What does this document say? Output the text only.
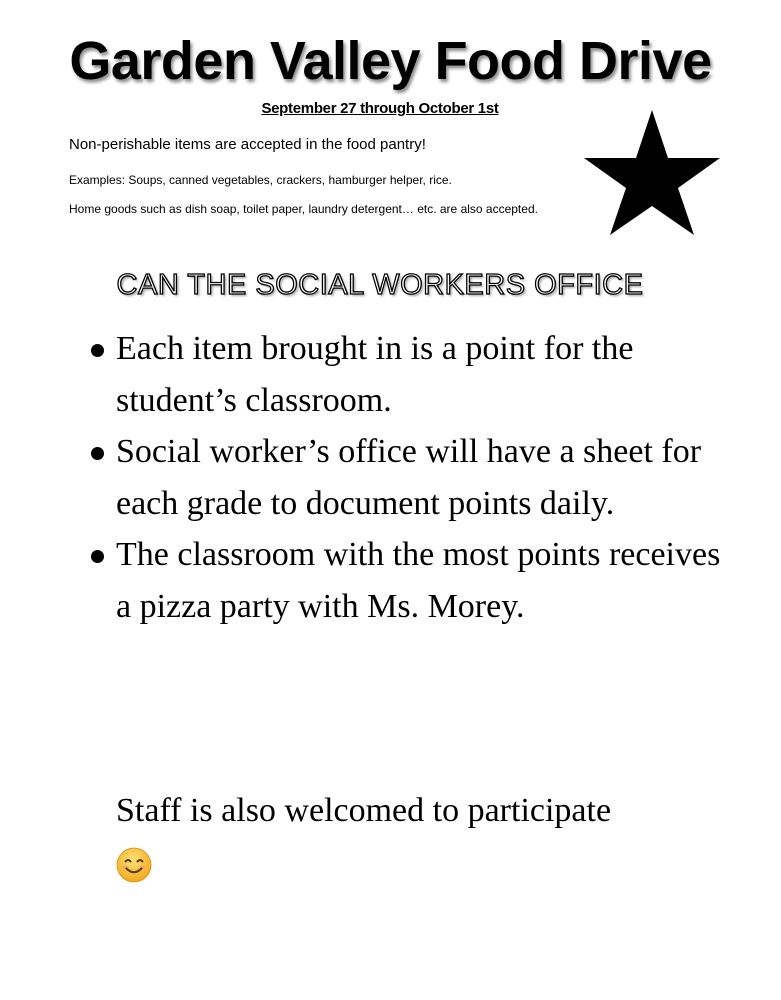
Garden Valley Food Drive
September 27 through October 1st
Non-perishable items are accepted in the food pantry!
Examples: Soups, canned vegetables, crackers, hamburger helper, rice.
Home goods such as dish soap, toilet paper, laundry detergent… etc. are also accepted.
CAN THE SOCIAL WORKERS OFFICE
Each item brought in is a point for the student’s classroom.
Social worker’s office will have a sheet for each grade to document points daily.
The classroom with the most points receives a pizza party with Ms. Morey.
Staff is also welcomed to participate
